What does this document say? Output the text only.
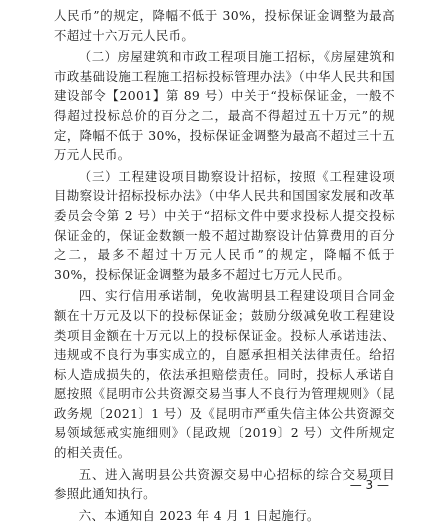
人民币”的规定，降幅不低于 30%，投标保证金调整为最高不超过十六万元人民币。

（二）房屋建筑和市政工程项目施工招标，《房屋建筑和市政基础设施工程施工招标投标管理办法》（中华人民共和国建设部令【2001】第 89 号）中关于“投标保证金，一般不得超过投标总价的百分之二，最高不得超过五十万元”的规定，降幅不低于 30%，投标保证金调整为最高不超过三十五万元人民币。

（三）工程建设项目勘察设计招标，按照《工程建设项目勘察设计招标投标办法》（中华人民共和国国家发展和改革委员会令第 2 号）中关于“招标文件中要求投标人提交投标保证金的，保证金数额一般不超过勘察设计估算费用的百分之二，最多不超过十万元人民币”的规定，降幅不低于 30%，投标保证金调整为最多不超过七万元人民币。

四、实行信用承诺制，免收嵩明县工程建设项目合同金额在十万元及以下的投标保证金；鼓励分级减免收工程建设类项目金额在十万元以上的投标保证金。投标人承诺违法、违规或不良行为事实成立的，自愿承担相关法律责任。给招标人造成损失的，依法承担赔偿责任。同时，投标人承诺自愿按照《昆明市公共资源交易当事人不良行为管理规则》（昆政务规〔2021〕1 号）及《昆明市严重失信主体公共资源交易领域惩戒实施细则》（昆政规〔2019〕2 号）文件所规定的相关责任。

五、进入嵩明县公共资源交易中心招标的综合交易项目参照此通知执行。

六、本通知自 2023 年 4 月 1 日起施行。

— 3 —
